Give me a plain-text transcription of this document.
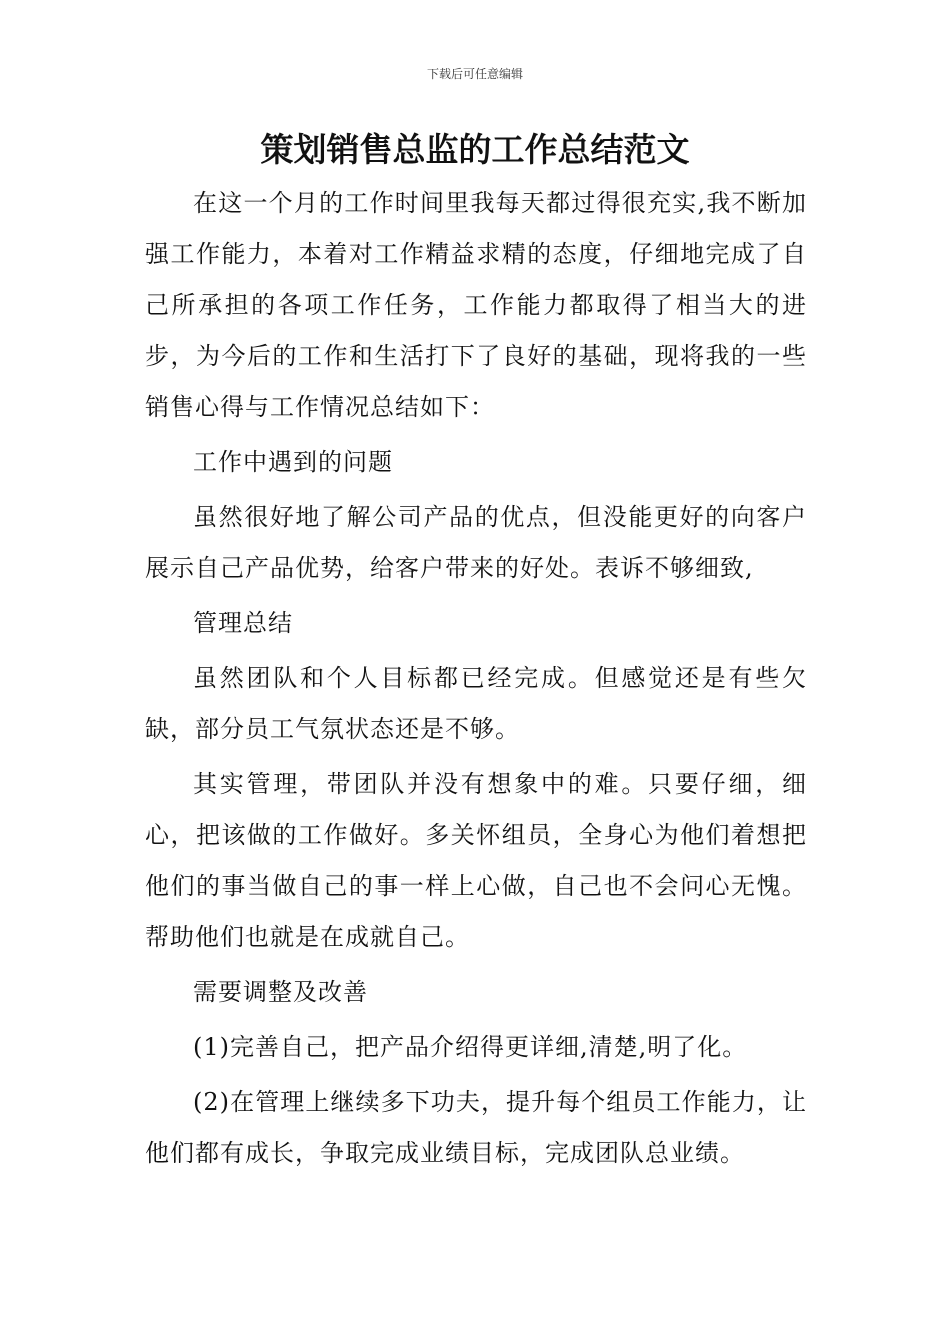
下载后可任意编辑
策划销售总监的工作总结范文

在这一个月的工作时间里我每天都过得很充实,我不断加强工作能力，本着对工作精益求精的态度，仔细地完成了自己所承担的各项工作任务，工作能力都取得了相当大的进步，为今后的工作和生活打下了良好的基础，现将我的一些销售心得与工作情况总结如下：

工作中遇到的问题

虽然很好地了解公司产品的优点，但没能更好的向客户展示自己产品优势，给客户带来的好处。表诉不够细致,

管理总结

虽然团队和个人目标都已经完成。但感觉还是有些欠缺，部分员工气氛状态还是不够。

其实管理，带团队并没有想象中的难。只要仔细，细心，把该做的工作做好。多关怀组员，全身心为他们着想把他们的事当做自己的事一样上心做，自己也不会问心无愧。帮助他们也就是在成就自己。

需要调整及改善

(1)完善自己，把产品介绍得更详细,清楚,明了化。

(2)在管理上继续多下功夫，提升每个组员工作能力，让他们都有成长，争取完成业绩目标，完成团队总业绩。
